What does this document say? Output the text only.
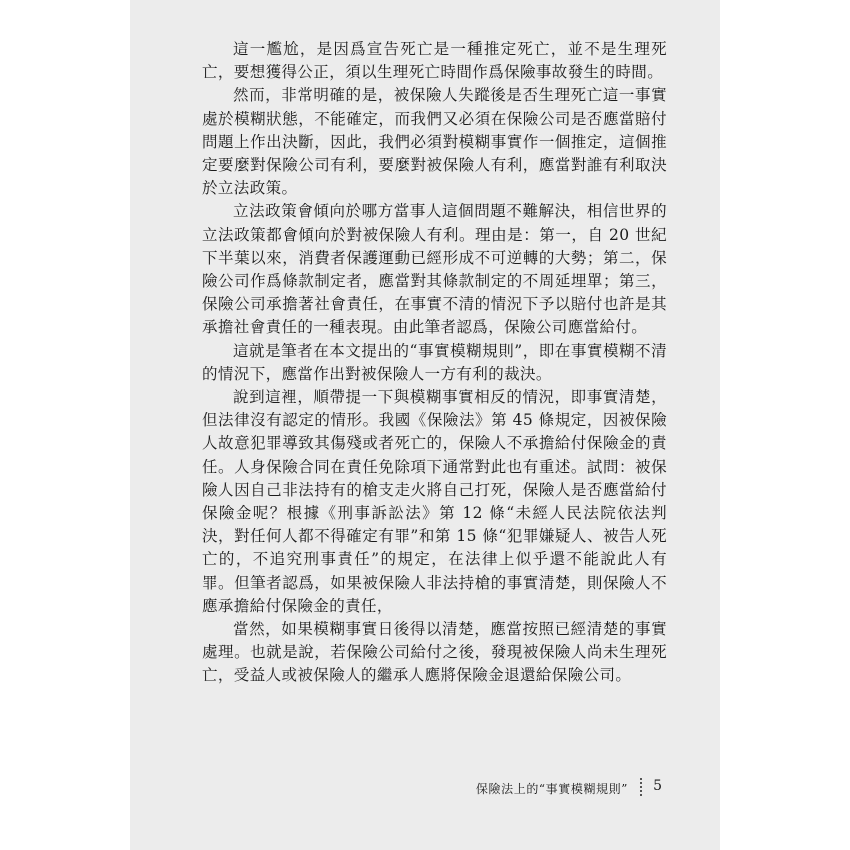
這一尷尬，是因爲宣告死亡是一種推定死亡，並不是生理死亡，要想獲得公正，須以生理死亡時間作爲保險事故發生的時間。

然而，非常明確的是，被保險人失蹤後是否生理死亡這一事實處於模糊狀態，不能確定，而我們又必須在保險公司是否應當賠付問題上作出決斷，因此，我們必須對模糊事實作一個推定，這個推定要麼對保險公司有利，要麼對被保險人有利，應當對誰有利取決於立法政策。

立法政策會傾向於哪方當事人這個問題不難解決，相信世界的立法政策都會傾向於對被保險人有利。理由是：第一，自 20 世紀下半葉以來，消費者保護運動已經形成不可逆轉的大勢；第二，保險公司作爲條款制定者，應當對其條款制定的不周延埋單；第三，保險公司承擔著社會責任，在事實不清的情況下予以賠付也許是其承擔社會責任的一種表現。由此筆者認爲，保險公司應當給付。

這就是筆者在本文提出的“事實模糊規則”，即在事實模糊不清的情況下，應當作出對被保險人一方有利的裁決。

說到這裡，順帶提一下與模糊事實相反的情況，即事實清楚，但法律沒有認定的情形。我國《保險法》第 45 條規定，因被保險人故意犯罪導致其傷殘或者死亡的，保險人不承擔給付保險金的責任。人身保險合同在責任免除項下通常對此也有重述。試問：被保險人因自己非法持有的槍支走火將自己打死，保險人是否應當給付保險金呢？根據《刑事訴訟法》第 12 條“未經人民法院依法判決，對任何人都不得確定有罪”和第 15 條“犯罪嫌疑人、被告人死亡的，不追究刑事責任”的規定，在法律上似乎還不能說此人有罪。但筆者認爲，如果被保險人非法持槍的事實清楚，則保險人不應承擔給付保險金的責任，

當然，如果模糊事實日後得以清楚，應當按照已經清楚的事實處理。也就是說，若保險公司給付之後，發現被保險人尚未生理死亡，受益人或被保險人的繼承人應將保險金退還給保險公司。

保險法上的“事實模糊規則” 5
